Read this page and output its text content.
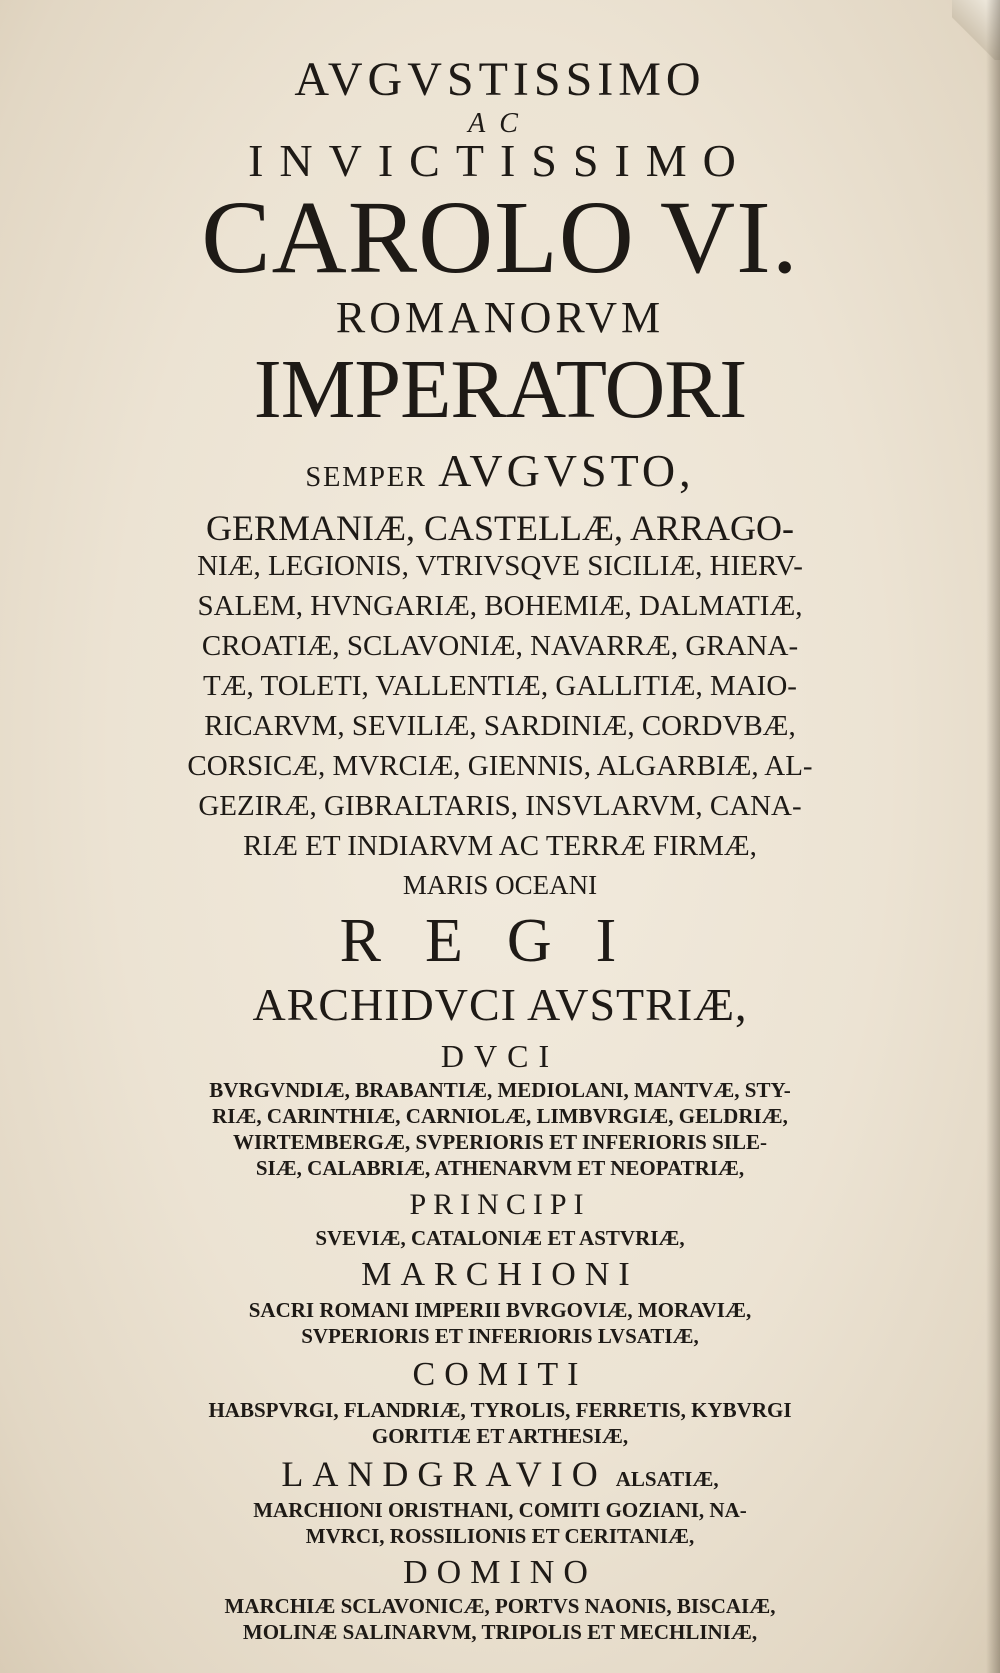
AVGVSTISSIMO
AC
INVICTISSIMO
CAROLO VI.
ROMANORVM
IMPERATORI
SEMPER AVGVSTO,
GERMANIÆ, CASTELLÆ, ARRAGO-
NIÆ, LEGIONIS, VTRIVSQVE SICILIÆ, HIERV-
SALEM, HVNGARIÆ, BOHEMIÆ, DALMATIÆ,
CROATIÆ, SCLAVONIÆ, NAVARRÆ, GRANA-
TÆ, TOLETI, VALLENTIÆ, GALLITIÆ, MAIO-
RICARVM, SEVILIÆ, SARDINIÆ, CORDVBÆ,
CORSICÆ, MVRCIÆ, GIENNIS, ALGARBIÆ, AL-
GEZIRÆ, GIBRALTARIS, INSVLARVM, CANA-
RIÆ ET INDIARVM AC TERRÆ FIRMÆ,
MARIS OCEANI
REGI
ARCHIDVCI AVSTRIÆ,
DVCI
BVRGVNDIÆ, BRABANTIÆ, MEDIOLANI, MANTVÆ, STY-
RIÆ, CARINTHIÆ, CARNIOLÆ, LIMBVRGIÆ, GELDRIÆ,
WIRTEMBERGÆ, SVPERIORIS ET INFERIORIS SILE-
SIÆ, CALABRIÆ, ATHENARVM ET NEOPATRIÆ,
PRINCIPI
SVEVIÆ, CATALONIÆ ET ASTVRIÆ,
MARCHIONI
SACRI ROMANI IMPERII BVRGOVIÆ, MORAVIÆ,
SVPERIORIS ET INFERIORIS LVSATIÆ,
COMITI
HABSPVRGI, FLANDRIÆ, TYROLIS, FERRETIS, KYBVRGI
GORITIÆ ET ARTHESIÆ,
LANDGRAVIO ALSATIÆ,
MARCHIONI ORISTHANI, COMITI GOZIANI, NA-
MVRCI, ROSSILIONIS ET CERITANIÆ,
DOMINO
MARCHIÆ SCLAVONICÆ, PORTVS NAONIS, BISCAIÆ,
MOLINÆ SALINARVM, TRIPOLIS ET MECHLINIÆ,
